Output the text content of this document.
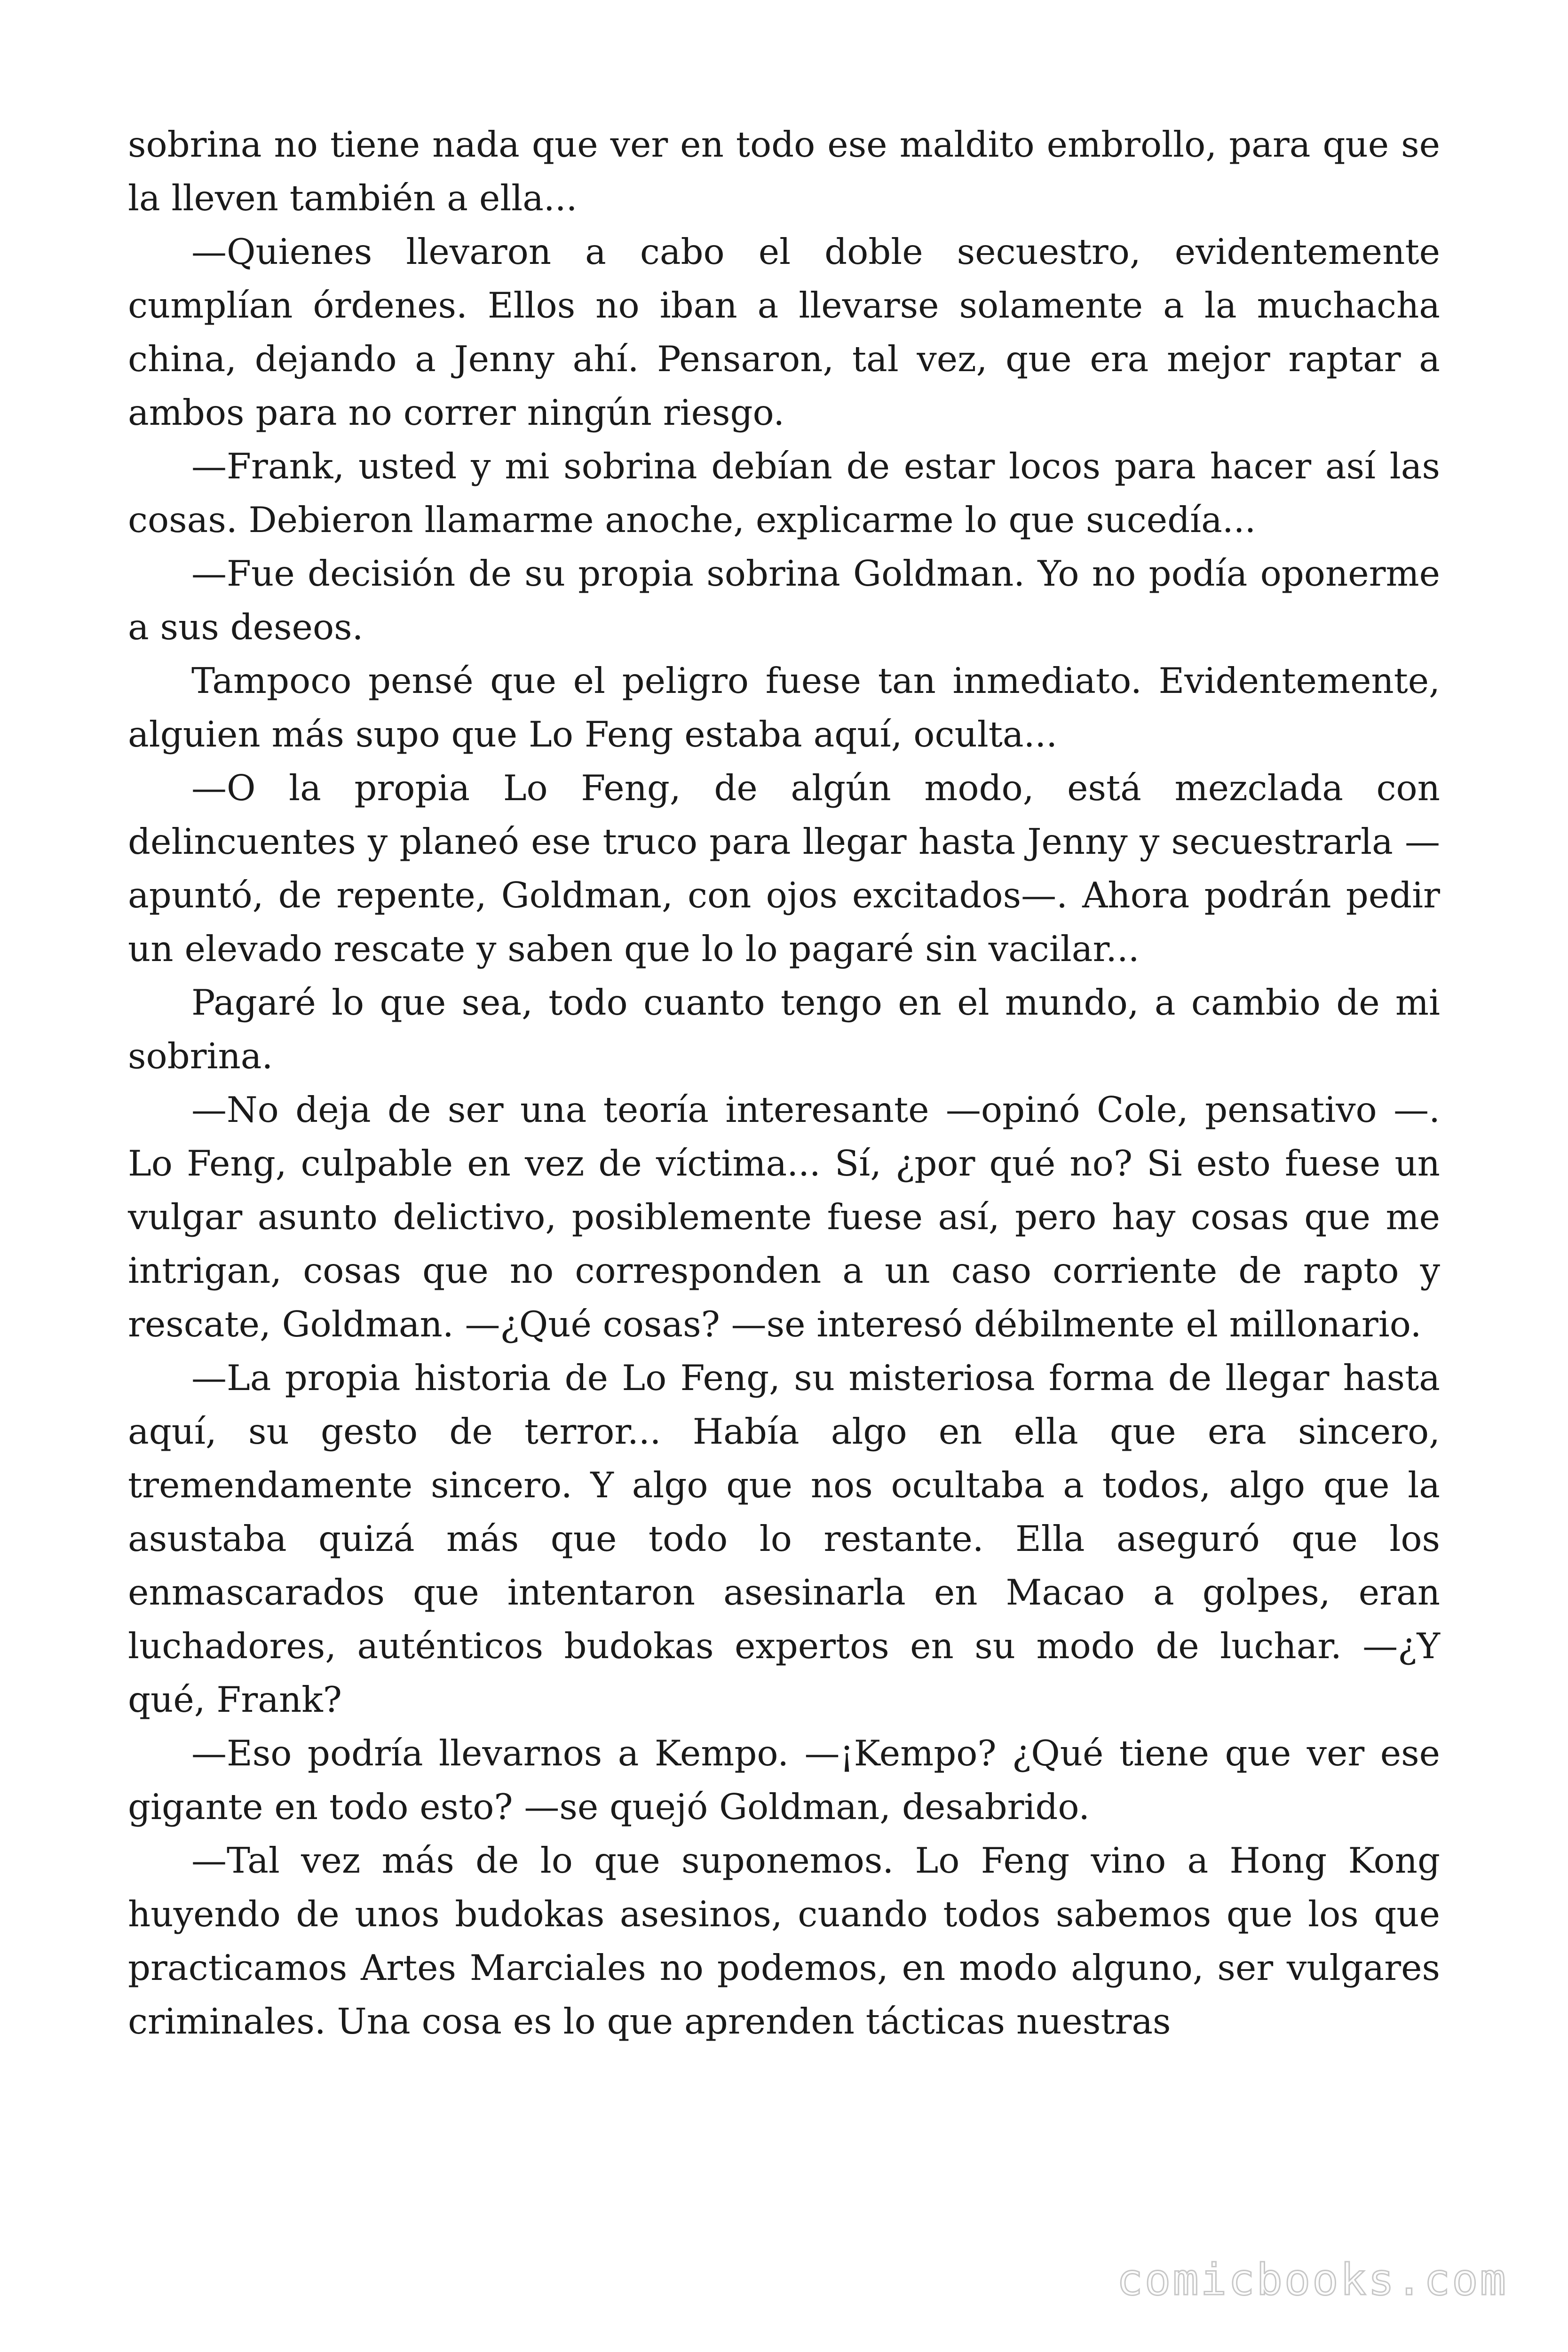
sobrina no tiene nada que ver en todo ese maldito embrollo, para que se la lleven también a ella...

—Quienes llevaron a cabo el doble secuestro, evidentemente cumplían órdenes. Ellos no iban a llevarse solamente a la muchacha china, dejando a Jenny ahí. Pensaron, tal vez, que era mejor raptar a ambos para no correr ningún riesgo.

—Frank, usted y mi sobrina debían de estar locos para hacer así las cosas. Debieron llamarme anoche, explicarme lo que sucedía...

—Fue decisión de su propia sobrina Goldman. Yo no podía oponerme a sus deseos.

Tampoco pensé que el peligro fuese tan inmediato. Evidentemente, alguien más supo que Lo Feng estaba aquí, oculta...

—O la propia Lo Feng, de algún modo, está mezclada con delincuentes y planeó ese truco para llegar hasta Jenny y secuestrarla —apuntó, de repente, Goldman, con ojos excitados—. Ahora podrán pedir un elevado rescate y saben que lo lo pagaré sin vacilar...

Pagaré lo que sea, todo cuanto tengo en el mundo, a cambio de mi sobrina.

—No deja de ser una teoría interesante —opinó Cole, pensativo —. Lo Feng, culpable en vez de víctima... Sí, ¿por qué no? Si esto fuese un vulgar asunto delictivo, posiblemente fuese así, pero hay cosas que me intrigan, cosas que no corresponden a un caso corriente de rapto y rescate, Goldman. —¿Qué cosas? —se interesó débilmente el millonario.

—La propia historia de Lo Feng, su misteriosa forma de llegar hasta aquí, su gesto de terror... Había algo en ella que era sincero, tremendamente sincero. Y algo que nos ocultaba a todos, algo que la asustaba quizá más que todo lo restante. Ella aseguró que los enmascarados que intentaron asesinarla en Macao a golpes, eran luchadores, auténticos budokas expertos en su modo de luchar. —¿Y qué, Frank?

—Eso podría llevarnos a Kempo. —¡Kempo? ¿Qué tiene que ver ese gigante en todo esto? —se quejó Goldman, desabrido.

—Tal vez más de lo que suponemos. Lo Feng vino a Hong Kong huyendo de unos budokas asesinos, cuando todos sabemos que los que practicamos Artes Marciales no podemos, en modo alguno, ser vulgares criminales. Una cosa es lo que aprenden tácticas nuestras

comicbooks.com
